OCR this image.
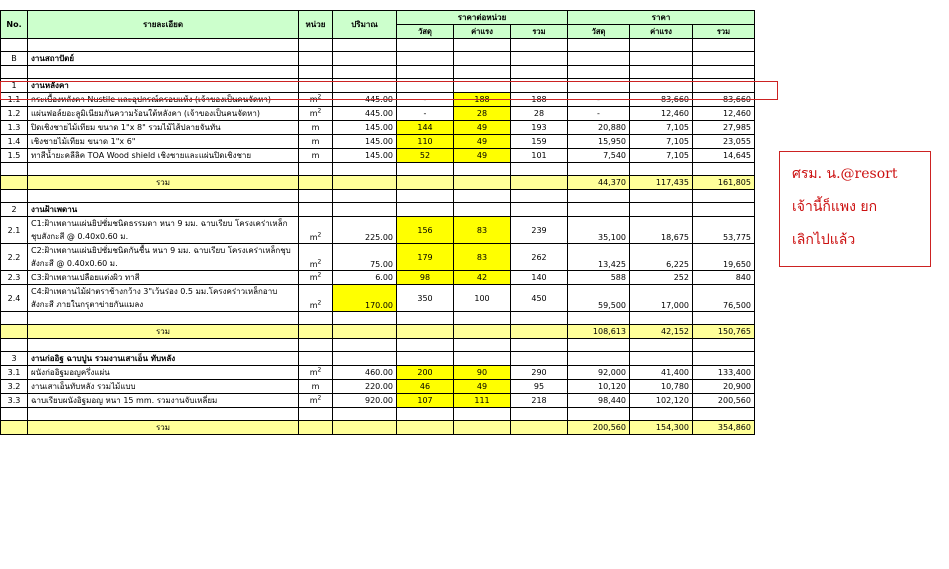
No.	รายละเอียด	หน่วย	ปริมาณ	ราคาต่อหน่วย			ราคา		
				วัสดุ	ค่าแรง	รวม	วัสดุ	ค่าแรง	รวม

B	งานสถาปัตย์								

1	งานหลังคา								
1.1	กระเบื้องหลังคา Nustile และอุปกรณ์ครอบแห้ง (เจ้าของเป็นคนจัดหา)	$m^2$	445.00	-	188	188	-	83,660	83,660
1.2	แผ่นฟอล์ยอะลูมิเนียมกันความร้อนใต้หลังคา (เจ้าของเป็นคนจัดหา)	$m^2$	445.00	-	28	28	-	12,460	12,460
1.3	ปิดเชิงชายไม้เทียม ขนาด 1"x 8" รวมไม้ไส้ปลายจันทัน	m	145.00	144	49	193	20,880	7,105	27,985
1.4	เชิงชายไม้เทียม ขนาด 1"x 6"	m	145.00	110	49	159	15,950	7,105	23,055
1.5	ทาสีน้ำยะคลีลิค TOA Wood shield เชิงชายและแผ่นปิดเชิงชาย	m	145.00	52	49	101	7,540	7,105	14,645

	รวม						44,370	117,435	161,805

2	งานฝ้าเพดาน								
2.1	C1:ฝ้าเพดานแผ่นยิปซั่มชนิดธรรมดา หนา 9 มม. ฉาบเรียบ โครงเคร่าเหล็กชุบสังกะสี @ 0.40x0.60 ม.	$m^2$	225.00	156	83	239	35,100	18,675	53,775
2.2	C2:ฝ้าเพดานแผ่นยิปซั่มชนิดกันชื้น หนา 9 มม. ฉาบเรียบ โครงเคร่าเหล็กชุบสังกะสี @ 0.40x0.60 ม.	$m^2$	75.00	179	83	262	13,425	6,225	19,650
2.3	C3:ฝ้าเพดานเปลือยแต่งผิว ทาสี	$m^2$	6.00	98	42	140	588	252	840
2.4	C4:ฝ้าเพดานไม้ฝาตราช้างกว้าง 3"เว้นร่อง 0.5 มม.โครงคร่าวเหล็กอาบสังกะสี ภายในกรุตาข่ายกันแมลง	$m^2$	170.00	350	100	450	59,500	17,000	76,500

	รวม						108,613	42,152	150,765

3	งานก่ออิฐ ฉาบปูน รวมงานเสาเอ็น ทับหลัง								
3.1	ผนังก่ออิฐมอญครึ่งแผ่น	$m^2$	460.00	200	90	290	92,000	41,400	133,400
3.2	งานเสาเอ็นทับหลัง รวมไม้แบบ	m	220.00	46	49	95	10,120	10,780	20,900
3.3	ฉาบเรียบผนังอิฐมอญ หนา 15 mm. รวมงานจับเหลี่ยม	$m^2$	920.00	107	111	218	98,440	102,120	200,560

	รวม						200,560	154,300	354,860
ศรม. น.@resort
เจ้านี้ก็แพง ยก
เลิกไปแล้ว
